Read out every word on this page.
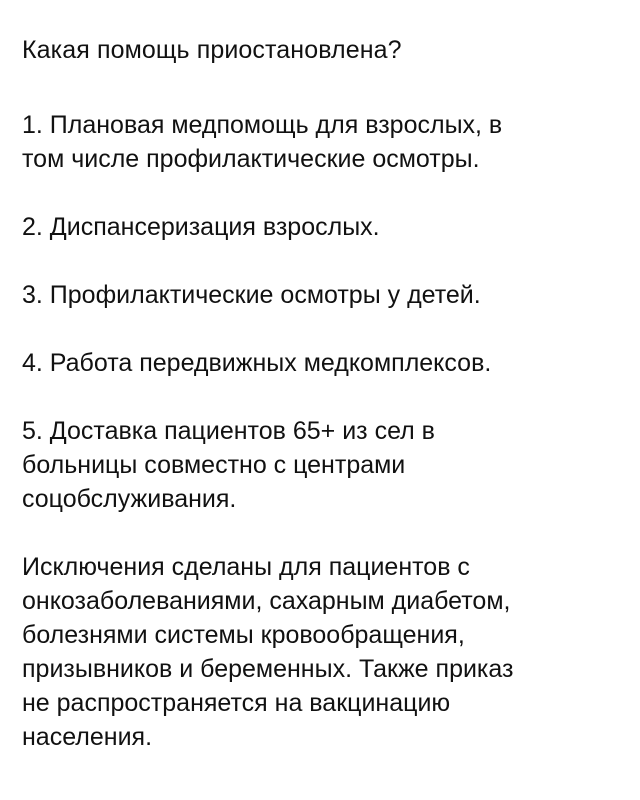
Какая помощь приостановлена?
1. Плановая медпомощь для взрослых, в
том числе профилактические осмотры.
2. Диспансеризация взрослых.
3. Профилактические осмотры у детей.
4. Работа передвижных медкомплексов.
5. Доставка пациентов 65+ из сел в
больницы совместно с центрами
соцобслуживания.

Исключения сделаны для пациентов с
онкозаболеваниями, сахарным диабетом,
болезнями системы кровообращения,
призывников и беременных. Также приказ
не распространяется на вакцинацию
населения.
